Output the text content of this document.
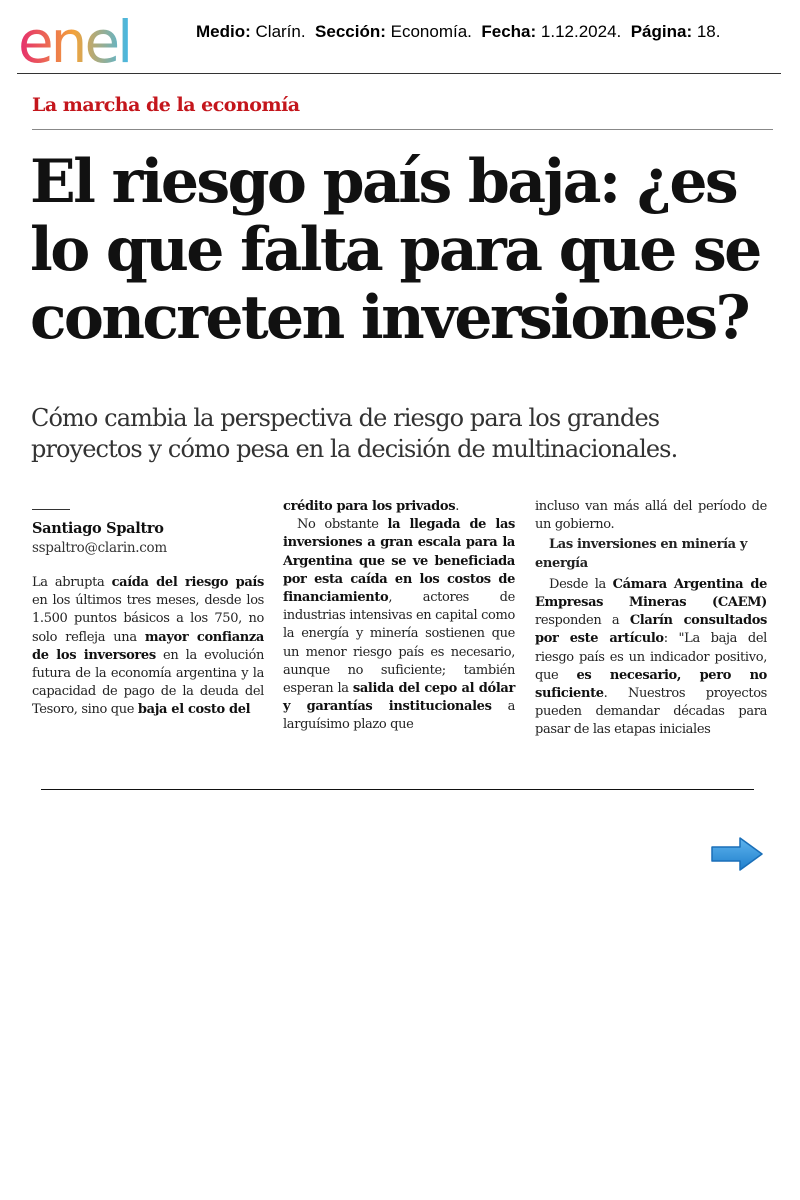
enel	Medio: Clarín. Sección: Economía. Fecha: 1.12.2024. Página: 18.
La marcha de la economía
El riesgo país baja: ¿es lo que falta para que se concreten inversiones?

Cómo cambia la perspectiva de riesgo para los grandes proyectos y cómo pesa en la decisión de multinacionales.

Santiago Spaltro
sspaltro@clarin.com

La abrupta caída del riesgo país en los últimos tres meses, desde los 1.500 puntos básicos a los 750, no solo refleja una mayor confianza de los inversores en la evolución futura de la economía argentina y la capacidad de pago de la deuda del Tesoro, sino que baja el costo del

crédito para los privados.

No obstante la llegada de las inversiones a gran escala para la Argentina que se ve beneficiada por esta caída en los costos de financiamiento, actores de industrias intensivas en capital como la energía y minería sostienen que un menor riesgo país es necesario, aunque no suficiente; también esperan la salida del cepo al dólar y garantías institucionales a larguísimo plazo que

incluso van más allá del período de un gobierno.

Las inversiones en minería y energía

Desde la Cámara Argentina de Empresas Mineras (CAEM) responden a Clarín consultados por este artículo: "La baja del riesgo país es un indicador positivo, que es necesario, pero no suficiente. Nuestros proyectos pueden demandar décadas para pasar de las etapas iniciales
